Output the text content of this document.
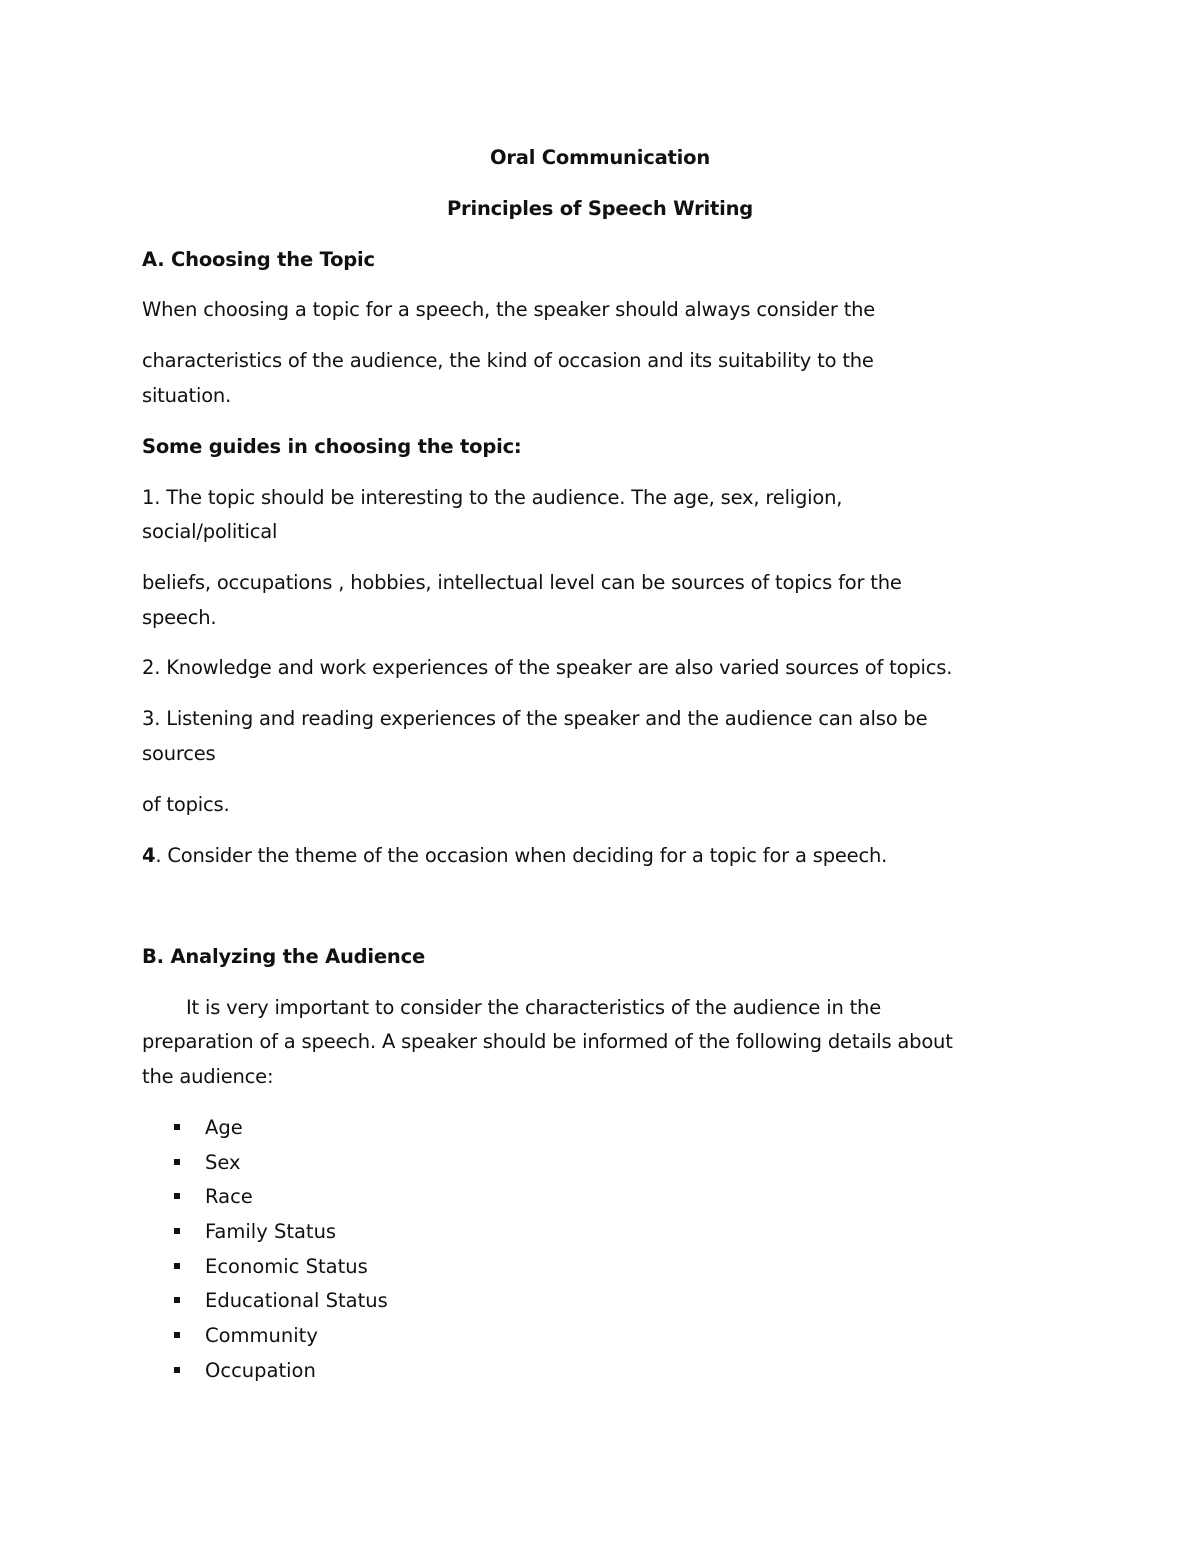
Oral Communication
Principles of Speech Writing
A. Choosing the Topic
When choosing a topic for a speech, the speaker should always consider the
characteristics of the audience, the kind of occasion and its suitability to the
situation.
Some guides in choosing the topic:
1. The topic should be interesting to the audience. The age, sex, religion,
social/political
beliefs, occupations , hobbies, intellectual level can be sources of topics for the
speech.
2. Knowledge and work experiences of the speaker are also varied sources of topics.
3. Listening and reading experiences of the speaker and the audience can also be
sources
of topics.
4. Consider the theme of the occasion when deciding for a topic for a speech.
B. Analyzing the Audience
It is very important to consider the characteristics of the audience in the
preparation of a speech. A speaker should be informed of the following details about
the audience:
Age
Sex
Race
Family Status
Economic Status
Educational Status
Community
Occupation
